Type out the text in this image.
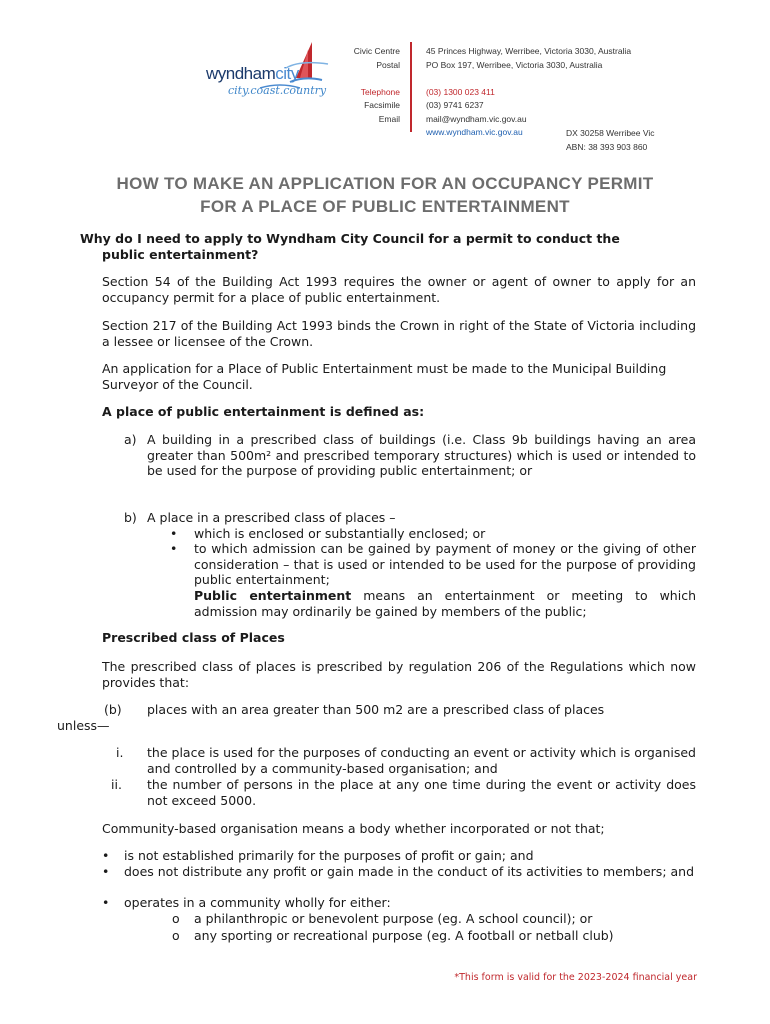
wyndhamcity
city.coast.country
Civic Centre
Postal

Telephone
Facsimile
Email
45 Princes Highway, Werribee, Victoria 3030, Australia
PO Box 197, Werribee, Victoria 3030, Australia

(03) 1300 023 411
(03) 9741 6237
mail@wyndham.vic.gov.au
www.wyndham.vic.gov.au	DX 30258 Werribee Vic
ABN: 38 393 903 860
HOW TO MAKE AN APPLICATION FOR AN OCCUPANCY PERMIT
FOR A PLACE OF PUBLIC ENTERTAINMENT
Why do I need to apply to Wyndham City Council for a permit to conduct the
public entertainment?
Section 54 of the Building Act 1993 requires the owner or agent of owner to apply for an occupancy permit for a place of public entertainment.
Section 217 of the Building Act 1993 binds the Crown in right of the State of Victoria including a lessee or licensee of the Crown.
An application for a Place of Public Entertainment must be made to the Municipal Building Surveyor of the Council.
A place of public entertainment is defined as:
a) A building in a prescribed class of buildings (i.e. Class 9b buildings having an area greater than 500m² and prescribed temporary structures) which is used or intended to be used for the purpose of providing public entertainment; or
b) A place in a prescribed class of places –
• which is enclosed or substantially enclosed; or
• to which admission can be gained by payment of money or the giving of other consideration – that is used or intended to be used for the purpose of providing public entertainment;
Public entertainment means an entertainment or meeting to which admission may ordinarily be gained by members of the public;
Prescribed class of Places
The prescribed class of places is prescribed by regulation 206 of the Regulations which now provides that:
(b) places with an area greater than 500 m2 are a prescribed class of places
unless—
i. the place is used for the purposes of conducting an event or activity which is organised and controlled by a community-based organisation; and
ii. the number of persons in the place at any one time during the event or activity does not exceed 5000.
Community-based organisation means a body whether incorporated or not that;
• is not established primarily for the purposes of profit or gain; and
• does not distribute any profit or gain made in the conduct of its activities to members; and
• operates in a community wholly for either:
o a philanthropic or benevolent purpose (eg. A school council); or
o any sporting or recreational purpose (eg. A football or netball club)
*This form is valid for the 2023-2024 financial year
